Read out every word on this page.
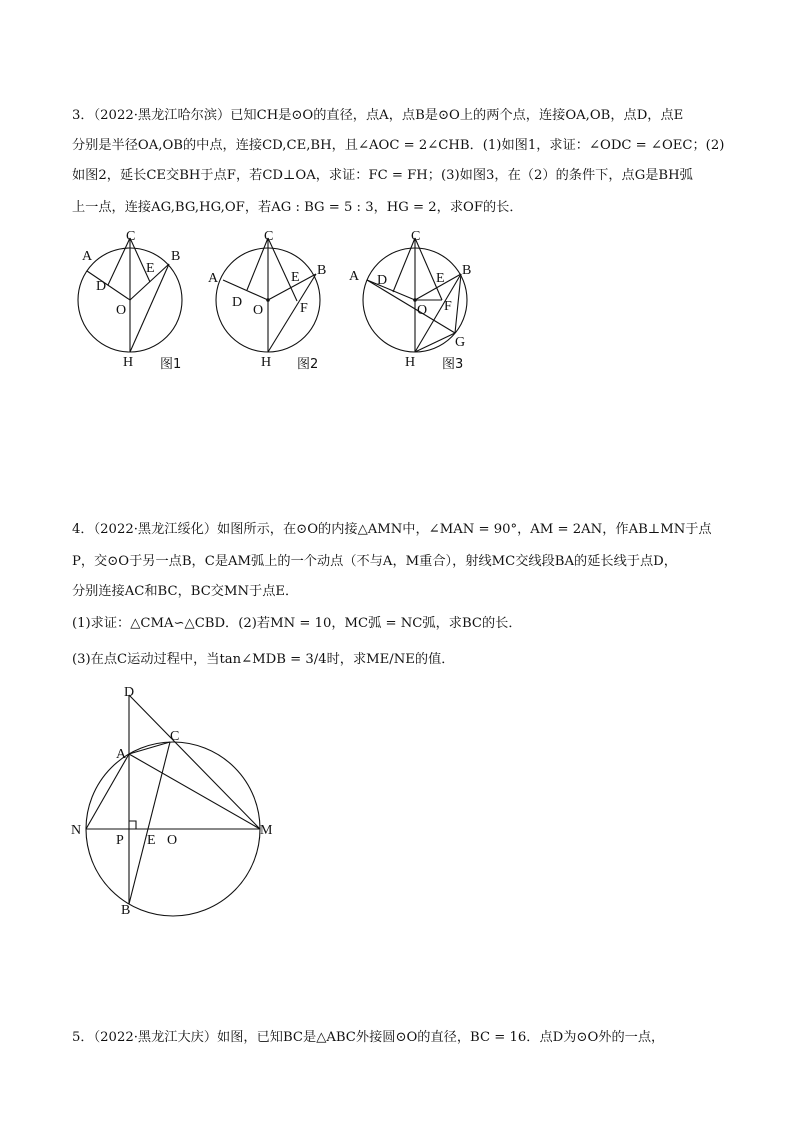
3．（2022·黑龙江哈尔滨）已知CH是⊙O的直径，点A，点B是⊙O上的两个点，连接OA,OB，点D，点E
分别是半径OA,OB的中点，连接CD,CE,BH，且∠AOC = 2∠CHB．(1)如图1，求证：∠ODC = ∠OEC；(2)
如图2，延长CE交BH于点F，若CD⊥OA，求证：FC = FH；(3)如图3，在（2）的条件下，点G是BH弧
上一点，连接AG,BG,HG,OF，若AG : BG = 5 : 3，HG = 2，求OF的长．
C
A	B
D
E
O
H 图1
C
A
B
D
E
F
O
H 图2
C
A	B
D	E
F
O
G
H 图3
4．（2022·黑龙江绥化）如图所示，在⊙O的内接△AMN中，∠MAN = 90°，AM = 2AN，作AB⊥MN于点
P，交⊙O于另一点B，C是AM弧上的一个动点（不与A，M重合），射线MC交线段BA的延长线于点D，
分别连接AC和BC，BC交MN于点E．
(1)求证：△CMA∽△CBD．(2)若MN = 10，MC弧 = NC弧，求BC的长．
(3)在点C运动过程中，当tan∠MDB = 3/4时，求ME/NE的值．
D
A
C
N	M
P E O
B
5．（2022·黑龙江大庆）如图，已知BC是△ABC外接圆⊙O的直径，BC = 16．点D为⊙O外的一点，
